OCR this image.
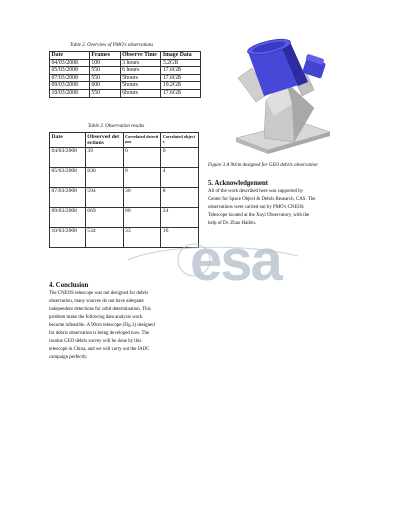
Table 2. Overview of PMO's observations
Date	Frames	Observe Time	Image Data
04/03/2008	100	3 hours	3.2GB
05/03/2008	550	6 hours	17.6GB
07/03/2008	550	5hours	17.6GB
09/03/2008	600	5hours	19.2GB
10/03/2008	550	6hours	17.6GB
Table 3. Observation results
Date	Observed detections	Correlated detections	Correlated objects
04/03/2008	39	0	0
05/03/2008	830	8	4
07/03/2008	594	30	8
09/03/2008	669	80	24
10/03/2008	534	33	16
Figure 3 A 90cm designed for GEO debris observation
5. Acknowledgement
All of the work described here was supported by
Center for Space Object & Debris Research, CAS. The
observations were carried out by PMO's CNEOS
Telescope located at the Xuyi Observatory, with the
help of Dr. Zhao Haibin.
4. Conclusion
The CNEOS telescope was not designed for debris
observation, many sources do not have adequate
independent detections for orbit determination. This
problem make the following data analysis work
become infeasible. A 90cm telescope (Fig.3) designed
for debris observation is being developed now. The
routine GEO debris survey will be done by this
telescope in China, and we will carry out the IADC
campaign perfectly.
esa
